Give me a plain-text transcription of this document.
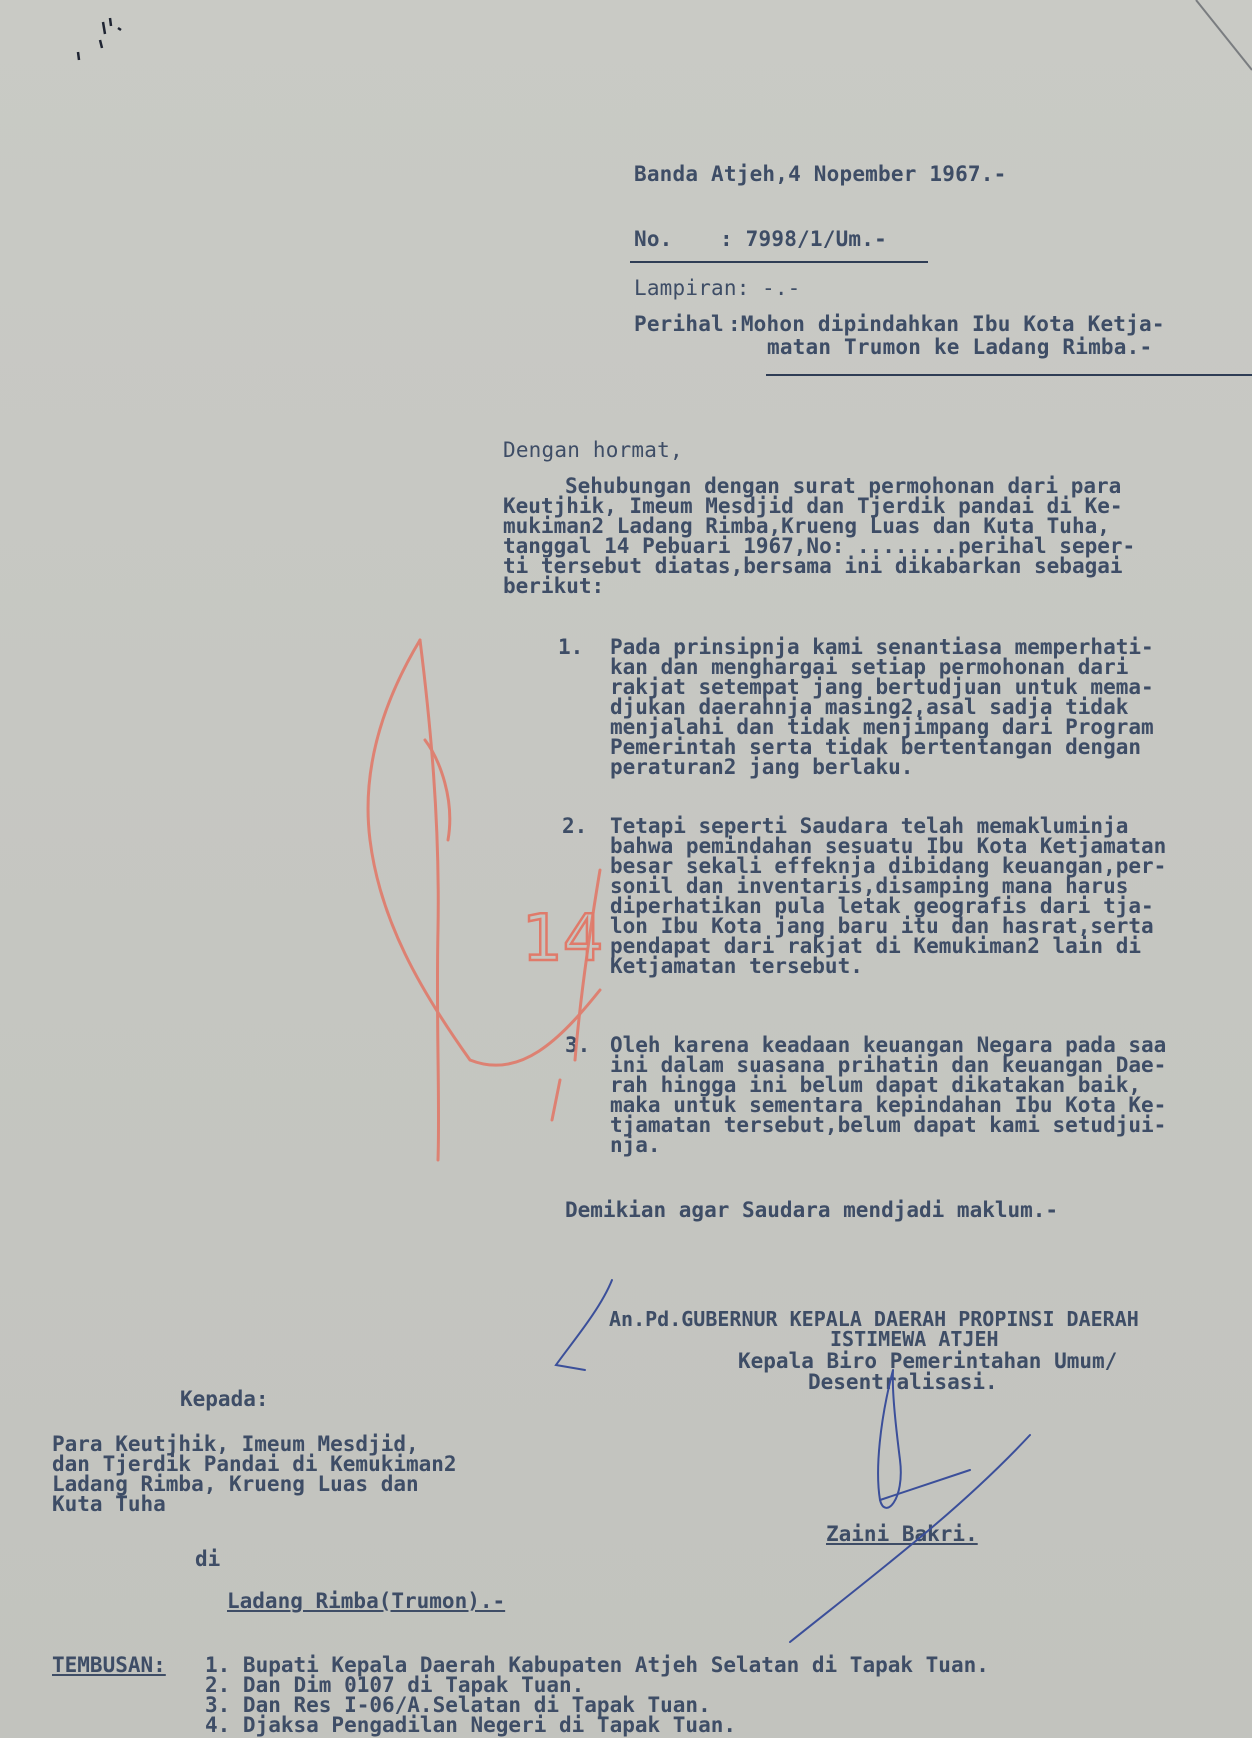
Banda Atjeh,4 Nopember 1967.-
No. : 7998/1/Um.-
Lampiran: -.-
Perihal :Mohon dipindahkan Ibu Kota Ketja-
matan Trumon ke Ladang Rimba.-
Dengan hormat,
Sehubungan dengan surat permohonan dari para
Keutjhik, Imeum Mesdjid dan Tjerdik pandai di Ke-
mukiman2 Ladang Rimba,Krueng Luas dan Kuta Tuha,
tanggal 14 Pebuari 1967,No: ........perihal seper-
ti tersebut diatas,bersama ini dikabarkan sebagai
berikut:
1. Pada prinsipnja kami senantiasa memperhati-
kan dan menghargai setiap permohonan dari
rakjat setempat jang bertudjuan untuk mema-
djukan daerahnja masing2,asal sadja tidak
menjalahi dan tidak menjimpang dari Program
Pemerintah serta tidak bertentangan dengan
peraturan2 jang berlaku.
2. Tetapi seperti Saudara telah memakluminja
bahwa pemindahan sesuatu Ibu Kota Ketjamatan
besar sekali effeknja dibidang keuangan,per-
sonil dan inventaris,disamping mana harus
diperhatikan pula letak geografis dari tja-
lon Ibu Kota jang baru itu dan hasrat,serta
pendapat dari rakjat di Kemukiman2 lain di
Ketjamatan tersebut.
3. Oleh karena keadaan keuangan Negara pada saa
ini dalam suasana prihatin dan keuangan Dae-
rah hingga ini belum dapat dikatakan baik,
maka untuk sementara kepindahan Ibu Kota Ke-
tjamatan tersebut,belum dapat kami setudjui-
nja.
Demikian agar Saudara mendjadi maklum.-
An.Pd.GUBERNUR KEPALA DAERAH PROPINSI DAERAH
ISTIMEWA ATJEH
Kepala Biro Pemerintahan Umum/
Desentralisasi.
Zaini Bakri.
Kepada:
Para Keutjhik, Imeum Mesdjid,
dan Tjerdik Pandai di Kemukiman2
Ladang Rimba, Krueng Luas dan
Kuta Tuha
di
Ladang Rimba(Trumon).-
TEMBUSAN: 1. Bupati Kepala Daerah Kabupaten Atjeh Selatan di Tapak Tuan.
2. Dan Dim 0107 di Tapak Tuan.
3. Dan Res I-06/A.Selatan di Tapak Tuan.
4. Djaksa Pengadilan Negeri di Tapak Tuan.
14
